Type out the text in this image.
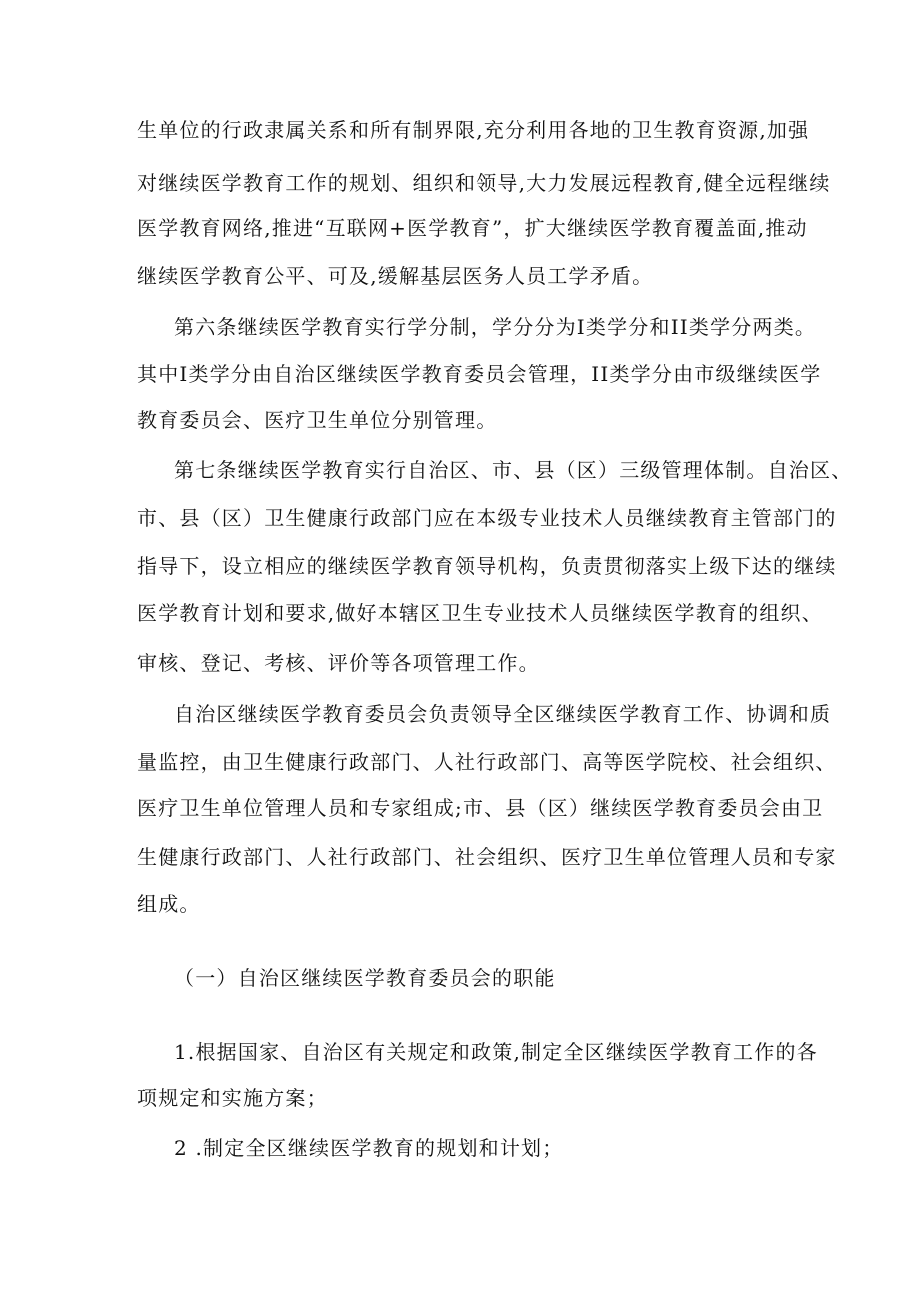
生单位的行政隶属关系和所有制界限,充分利用各地的卫生教育资源,加强
对继续医学教育工作的规划、组织和领导,大力发展远程教育,健全远程继续
医学教育网络,推进“互联网+医学教育”，扩大继续医学教育覆盖面,推动
继续医学教育公平、可及,缓解基层医务人员工学矛盾。
第六条继续医学教育实行学分制，学分分为I类学分和II类学分两类。
其中I类学分由自治区继续医学教育委员会管理，II类学分由市级继续医学
教育委员会、医疗卫生单位分别管理。
第七条继续医学教育实行自治区、市、县（区）三级管理体制。自治区、
市、县（区）卫生健康行政部门应在本级专业技术人员继续教育主管部门的
指导下，设立相应的继续医学教育领导机构，负责贯彻落实上级下达的继续
医学教育计划和要求,做好本辖区卫生专业技术人员继续医学教育的组织、
审核、登记、考核、评价等各项管理工作。
自治区继续医学教育委员会负责领导全区继续医学教育工作、协调和质
量监控，由卫生健康行政部门、人社行政部门、高等医学院校、社会组织、
医疗卫生单位管理人员和专家组成;市、县（区）继续医学教育委员会由卫
生健康行政部门、人社行政部门、社会组织、医疗卫生单位管理人员和专家
组成。
（一）自治区继续医学教育委员会的职能
1.根据国家、自治区有关规定和政策,制定全区继续医学教育工作的各
项规定和实施方案；
2 .制定全区继续医学教育的规划和计划；
